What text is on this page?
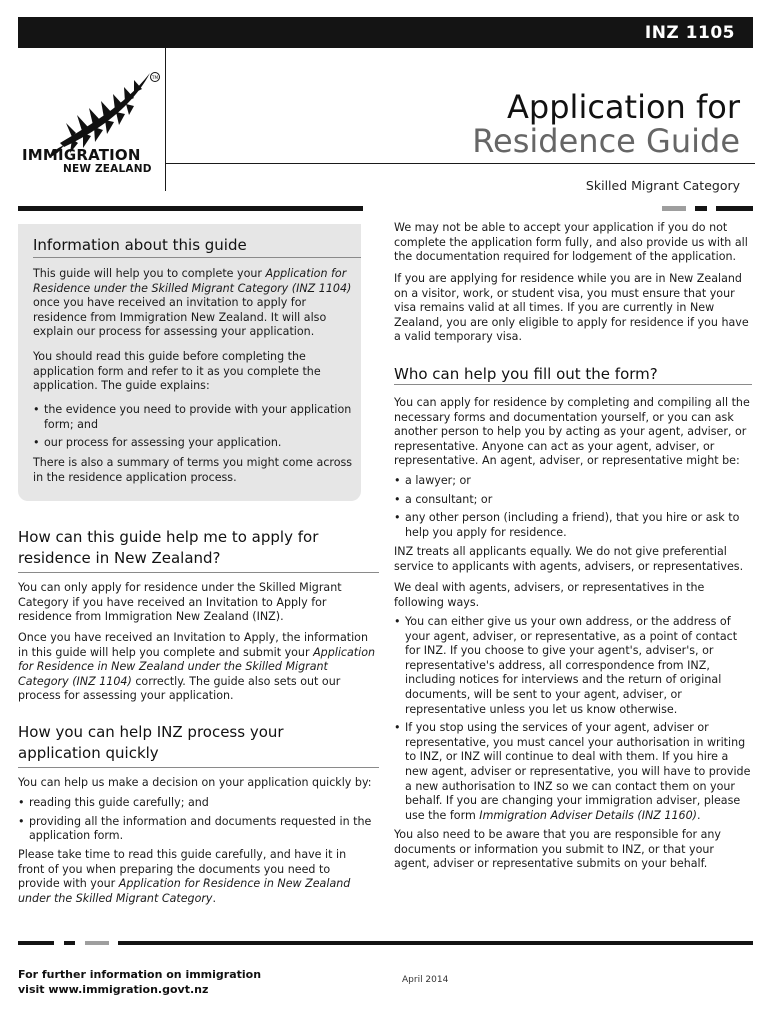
INZ 1105
TM
IMMIGRATION
NEW ZEALAND
Application for
Residence Guide
Skilled Migrant Category
Information about this guide
This guide will help you to complete your Application for Residence under the Skilled Migrant Category (INZ 1104) once you have received an invitation to apply for residence from Immigration New Zealand. It will also explain our process for assessing your application.
You should read this guide before completing the application form and refer to it as you complete the application. The guide explains:
• the evidence you need to provide with your application form; and
• our process for assessing your application.
There is also a summary of terms you might come across in the residence application process.
How can this guide help me to apply for residence in New Zealand?
You can only apply for residence under the Skilled Migrant Category if you have received an Invitation to Apply for residence from Immigration New Zealand (INZ).
Once you have received an Invitation to Apply, the information in this guide will help you complete and submit your Application for Residence in New Zealand under the Skilled Migrant Category (INZ 1104) correctly. The guide also sets out our process for assessing your application.
How you can help INZ process your application quickly
You can help us make a decision on your application quickly by:
• reading this guide carefully; and
• providing all the information and documents requested in the application form.
Please take time to read this guide carefully, and have it in front of you when preparing the documents you need to provide with your Application for Residence in New Zealand under the Skilled Migrant Category.
We may not be able to accept your application if you do not complete the application form fully, and also provide us with all the documentation required for lodgement of the application.
If you are applying for residence while you are in New Zealand on a visitor, work, or student visa, you must ensure that your visa remains valid at all times. If you are currently in New Zealand, you are only eligible to apply for residence if you have a valid temporary visa.
Who can help you fill out the form?
You can apply for residence by completing and compiling all the necessary forms and documentation yourself, or you can ask another person to help you by acting as your agent, adviser, or representative. Anyone can act as your agent, adviser, or representative. An agent, adviser, or representative might be:
• a lawyer; or
• a consultant; or
• any other person (including a friend), that you hire or ask to help you apply for residence.
INZ treats all applicants equally. We do not give preferential service to applicants with agents, advisers, or representatives.
We deal with agents, advisers, or representatives in the following ways.
• You can either give us your own address, or the address of your agent, adviser, or representative, as a point of contact for INZ. If you choose to give your agent's, adviser's, or representative's address, all correspondence from INZ, including notices for interviews and the return of original documents, will be sent to your agent, adviser, or representative unless you let us know otherwise.
• If you stop using the services of your agent, adviser or representative, you must cancel your authorisation in writing to INZ, or INZ will continue to deal with them. If you hire a new agent, adviser or representative, you will have to provide a new authorisation to INZ so we can contact them on your behalf. If you are changing your immigration adviser, please use the form Immigration Adviser Details (INZ 1160).
You also need to be aware that you are responsible for any documents or information you submit to INZ, or that your agent, adviser or representative submits on your behalf.
For further information on immigration
visit www.immigration.govt.nz
April 2014
